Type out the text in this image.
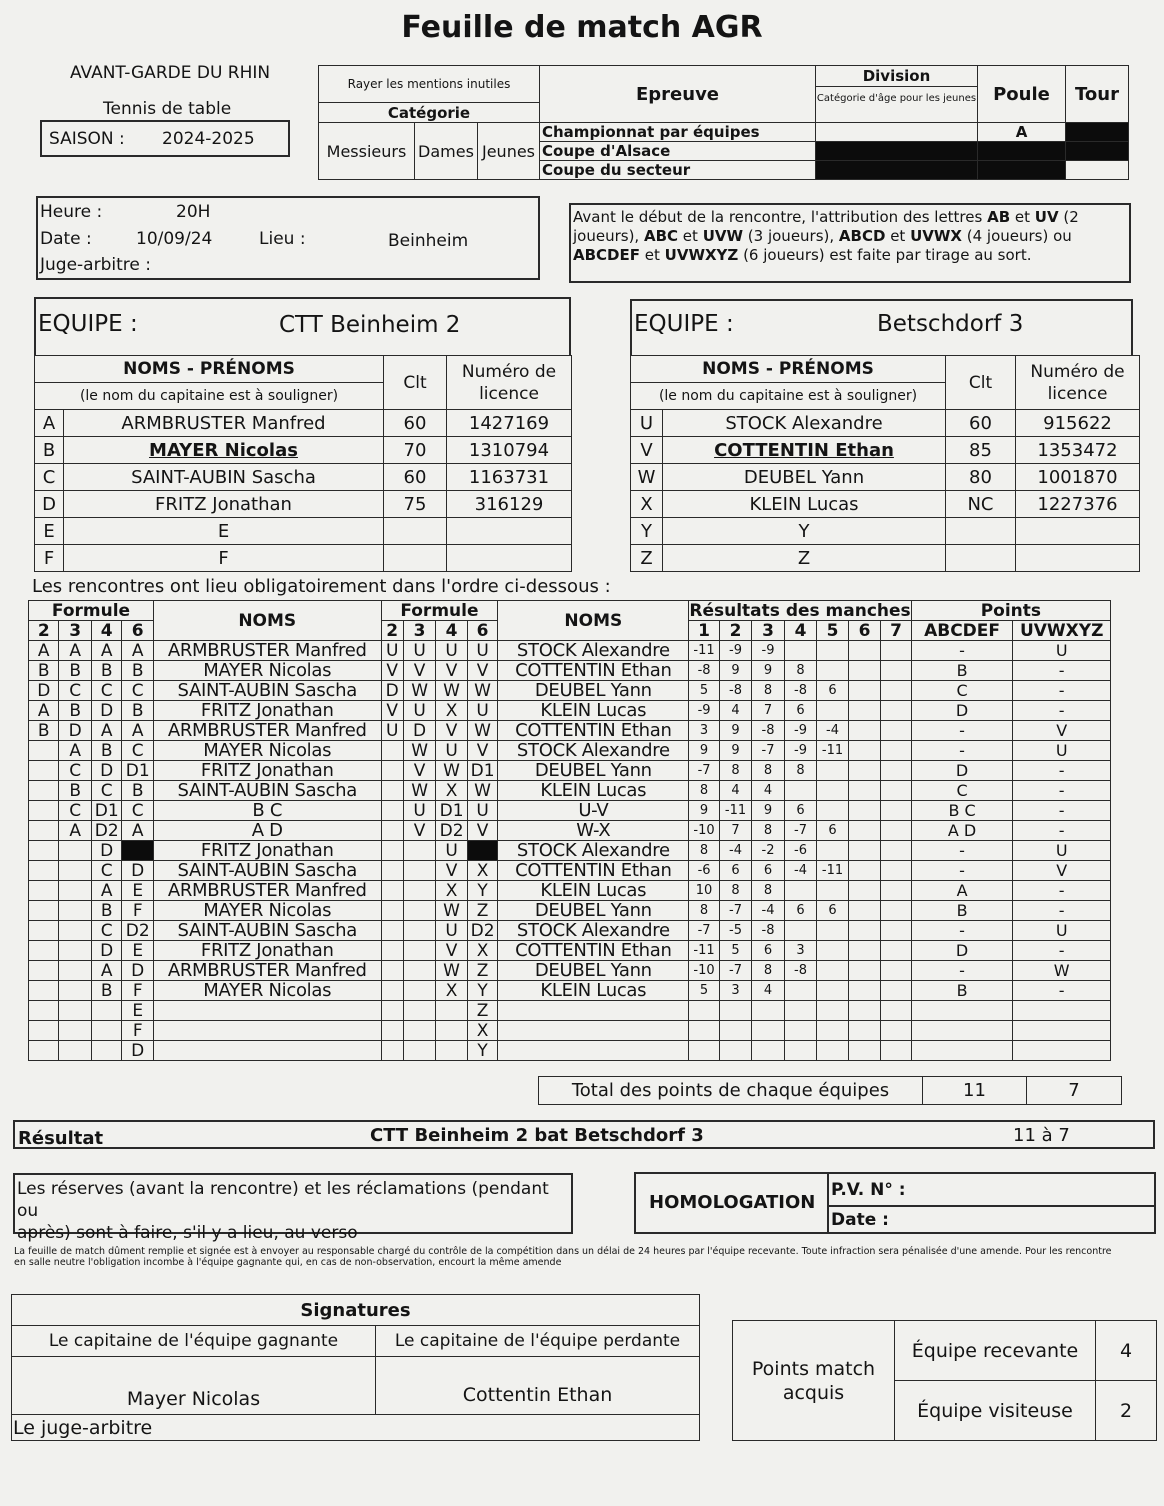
Feuille de match AGR
AVANT-GARDE DU RHIN
Tennis de table
SAISON : 2024-2025
Rayer les mentions inutiles			Epreuve	Division
Catégorie d'âge pour les jeunes	Poule	Tour
Catégorie						
Messieurs	Dames	Jeunes	Championnat par équipes		A	
			Coupe d'Alsace			
			Coupe du secteur			
Heure :	20H
Date :	10/09/24	Lieu :	Beinheim
Juge-arbitre :
Avant le début de la rencontre, l'attribution des lettres AB et UV (2
joueurs), ABC et UVW (3 joueurs), ABCD et UVWX (4 joueurs) ou
ABCDEF et UVWXYZ (6 joueurs) est faite par tirage au sort.
EQUIPE :	CTT Beinheim 2
NOMS - PRÉNOMS		Clt	Numéro de
licence

(le nom du capitaine est à souligner)			
A	ARMBRUSTER Manfred	60	1427169
B	MAYER Nicolas	70	1310794
C	SAINT-AUBIN Sascha	60	1163731
D	FRITZ Jonathan	75	316129
E	E		
F	F		
EQUIPE :	Betschdorf 3
NOMS - PRÉNOMS		Clt	Numéro de
licence

(le nom du capitaine est à souligner)			
U	STOCK Alexandre	60	915622
V	COTTENTIN Ethan	85	1353472
W	DEUBEL Yann	80	1001870
X	KLEIN Lucas	NC	1227376
Y	Y		
Z	Z		
Les rencontres ont lieu obligatoirement dans l'ordre ci-dessous :
Formule				NOMS	Formule				NOMS	Résultats des manches							Points	
2	3	4	6		2	3	4	6		1	2	3	4	5	6	7	ABCDEF	UVWXYZ
A	A	A	A	ARMBRUSTER Manfred	U	U	U	U	STOCK Alexandre	-11	-9	-9					-	U
B	B	B	B	MAYER Nicolas	V	V	V	V	COTTENTIN Ethan	-8	9	9	8				B	-
D	C	C	C	SAINT-AUBIN Sascha	D	W	W	W	DEUBEL Yann	5	-8	8	-8	6			C	-
A	B	D	B	FRITZ Jonathan	V	U	X	U	KLEIN Lucas	-9	4	7	6				D	-
B	D	A	A	ARMBRUSTER Manfred	U	D	V	W	COTTENTIN Ethan	3	9	-8	-9	-4			-	V
	A	B	C	MAYER Nicolas		W	U	V	STOCK Alexandre	9	9	-7	-9	-11			-	U
	C	D	D1	FRITZ Jonathan		V	W	D1	DEUBEL Yann	-7	8	8	8				D	-
	B	C	B	SAINT-AUBIN Sascha		W	X	W	KLEIN Lucas	8	4	4					C	-
	C	D1	C	B C		U	D1	U	U-V	9	-11	9	6				B C	-
	A	D2	A	A D		V	D2	V	W-X	-10	7	8	-7	6			A D	-
		D		FRITZ Jonathan			U		STOCK Alexandre	8	-4	-2	-6				-	U
		C	D	SAINT-AUBIN Sascha			V	X	COTTENTIN Ethan	-6	6	6	-4	-11			-	V
		A	E	ARMBRUSTER Manfred			X	Y	KLEIN Lucas	10	8	8					A	-
		B	F	MAYER Nicolas			W	Z	DEUBEL Yann	8	-7	-4	6	6			B	-
		C	D2	SAINT-AUBIN Sascha			U	D2	STOCK Alexandre	-7	-5	-8					-	U
		D	E	FRITZ Jonathan			V	X	COTTENTIN Ethan	-11	5	6	3				D	-
		A	D	ARMBRUSTER Manfred			W	Z	DEUBEL Yann	-10	-7	8	-8				-	W
		B	F	MAYER Nicolas			X	Y	KLEIN Lucas	5	3	4					B	-
			E					Z										
			F					X										
			D					Y										
Total des points de chaque équipes	11	7
Résultat	CTT Beinheim 2 bat Betschdorf 3	11 à 7
Les réserves (avant la rencontre) et les réclamations (pendant ou
après) sont à faire, s'il y a lieu, au verso
HOMOLOGATION
P.V. N° :
Date :
La feuille de match dûment remplie et signée est à envoyer au responsable chargé du contrôle de la compétition dans un délai de 24 heures par l'équipe recevante. Toute infraction sera pénalisée d'une amende. Pour les rencontre
en salle neutre l'obligation incombe à l'équipe gagnante qui, en cas de non-observation, encourt la même amende
Signatures	
Le capitaine de l'équipe gagnante	Le capitaine de l'équipe perdante
Mayer Nicolas	Cottentin Ethan
Le juge-arbitre	
Points match
acquis	Équipe recevante	4
	Équipe visiteuse	2
